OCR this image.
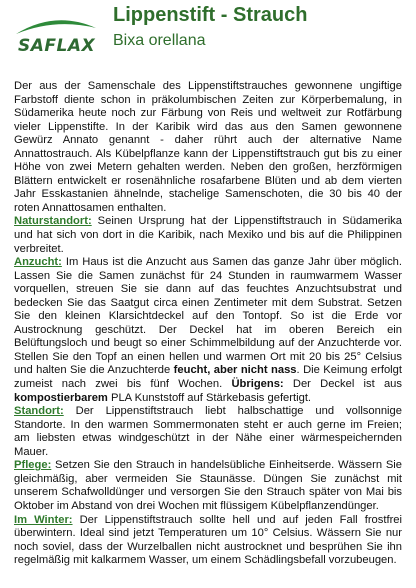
SAFLAX
Lippenstift - Strauch
Bixa orellana

Der aus der Samenschale des Lippenstiftstrauches gewonnene ungiftige Farbstoff diente schon in präkolumbischen Zeiten zur Körperbemalung, in Südamerika heute noch zur Färbung von Reis und weltweit zur Rotfärbung vieler Lippenstifte. In der Karibik wird das aus den Samen gewonnene Gewürz Annato genannt - daher rührt auch der alternative Name Annattostrauch. Als Kübelpflanze kann der Lippenstiftstrauch gut bis zu einer Höhe von zwei Metern gehalten werden. Neben den großen, herzförmigen Blättern entwickelt er rosenähnliche rosafarbene Blüten und ab dem vierten Jahr Esskastanien ähnelnde, stachelige Samenschoten, die 30 bis 40 der roten Annattosamen enthalten.

Naturstandort: Seinen Ursprung hat der Lippenstiftstrauch in Südamerika und hat sich von dort in die Karibik, nach Mexiko und bis auf die Philippinen verbreitet.

Anzucht: Im Haus ist die Anzucht aus Samen das ganze Jahr über möglich. Lassen Sie die Samen zunächst für 24 Stunden in raumwarmem Wasser vorquellen, streuen Sie sie dann auf das feuchtes Anzuchtsubstrat und bedecken Sie das Saatgut circa einen Zentimeter mit dem Substrat. Setzen Sie den kleinen Klarsichtdeckel auf den Tontopf. So ist die Erde vor Austrocknung geschützt. Der Deckel hat im oberen Bereich ein Belüftungsloch und beugt so einer Schimmelbildung auf der Anzuchterde vor. Stellen Sie den Topf an einen hellen und warmen Ort mit 20 bis 25° Celsius und halten Sie die Anzuchterde feucht, aber nicht nass. Die Keimung erfolgt zumeist nach zwei bis fünf Wochen. Übrigens: Der Deckel ist aus kompostierbarem PLA Kunststoff auf Stärkebasis gefertigt.

Standort: Der Lippenstiftstrauch liebt halbschattige und vollsonnige Standorte. In den warmen Sommermonaten steht er auch gerne im Freien; am liebsten etwas windgeschützt in der Nähe einer wärmespeichernden Mauer.

Pflege: Setzen Sie den Strauch in handelsübliche Einheitserde. Wässern Sie gleichmäßig, aber vermeiden Sie Staunässe. Düngen Sie zunächst mit unserem Schafwolldünger und versorgen Sie den Strauch später von Mai bis Oktober im Abstand von drei Wochen mit flüssigem Kübelpflanzendünger.

Im Winter: Der Lippenstiftstrauch sollte hell und auf jeden Fall frostfrei überwintern. Ideal sind jetzt Temperaturen um 10° Celsius. Wässern Sie nur noch soviel, dass der Wurzelballen nicht austrocknet und besprühen Sie ihn regelmäßig mit kalkarmem Wasser, um einem Schädlingsbefall vorzubeugen.
